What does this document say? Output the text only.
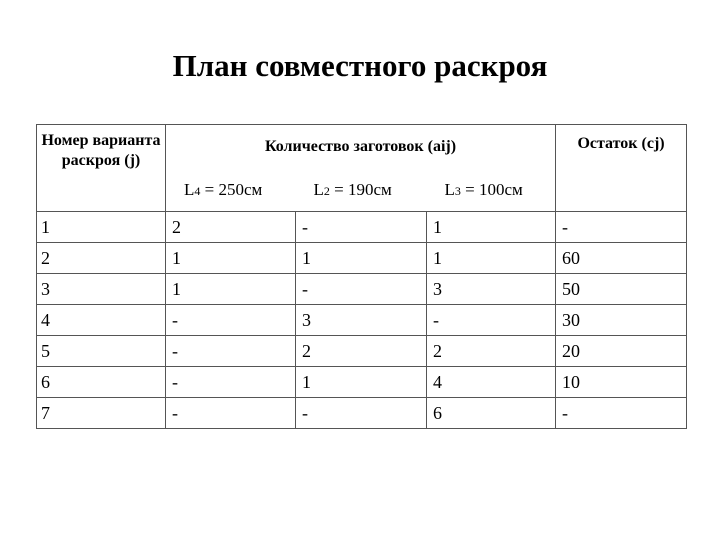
План совместного раскроя
Номер варианта раскроя (j)	Количество заготовок (aij)			Остаток (cj)
	L4 = 250см	L2 = 190см	L3 = 100см	
1	2	-	1	-
2	1	1	1	60
3	1	-	3	50
4	-	3	-	30
5	-	2	2	20
6	-	1	4	10
7	-	-	6	-
